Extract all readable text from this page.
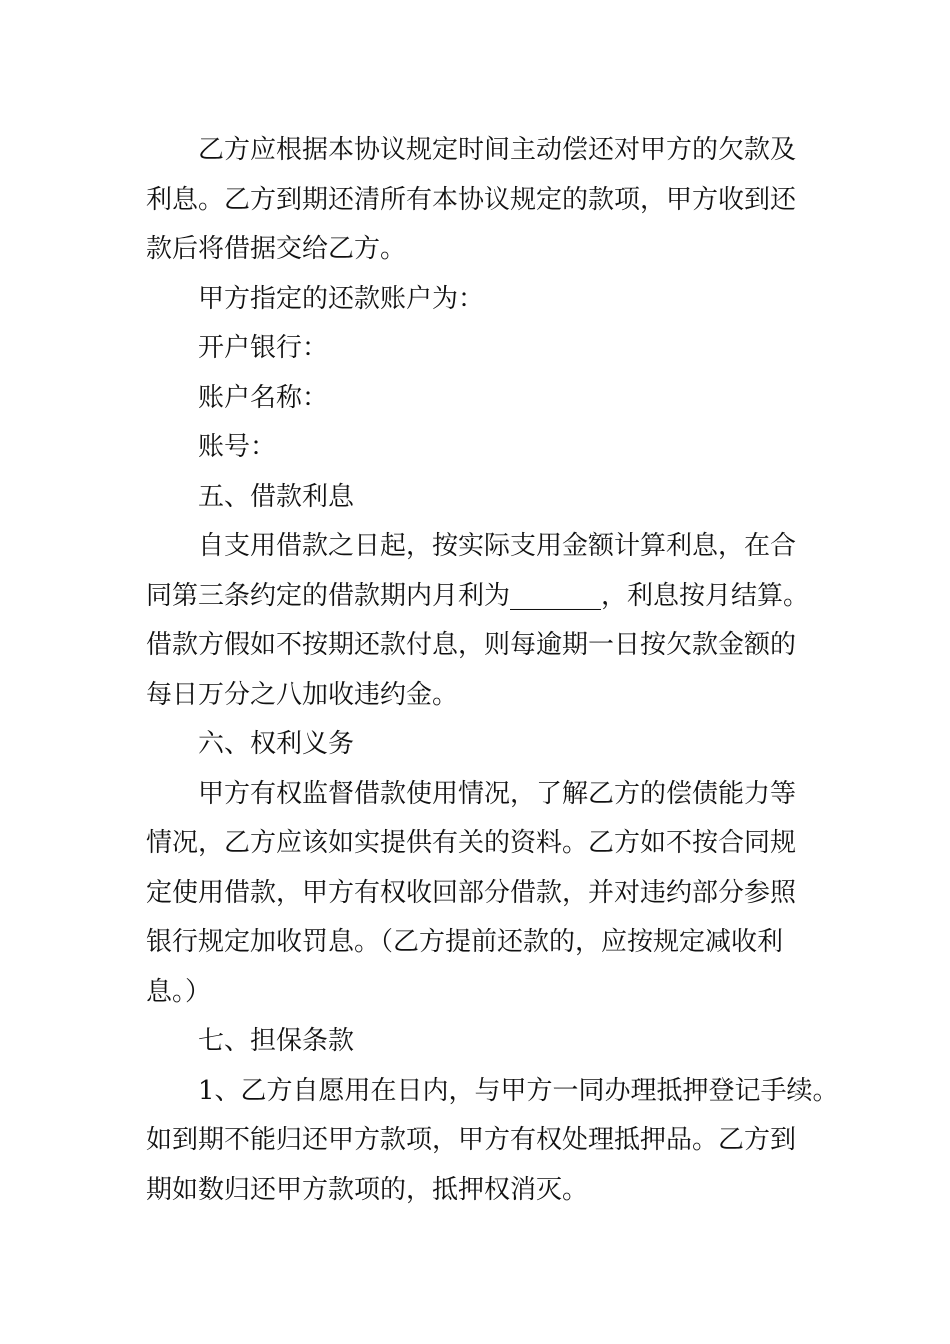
乙方应根据本协议规定时间主动偿还对甲方的欠款及
利息。乙方到期还清所有本协议规定的款项，甲方收到还
款后将借据交给乙方。

甲方指定的还款账户为：

开户银行：

账户名称：

账号：

五、借款利息

自支用借款之日起，按实际支用金额计算利息，在合
同第三条约定的借款期内月利为_______，利息按月结算。
借款方假如不按期还款付息，则每逾期一日按欠款金额的
每日万分之八加收违约金。

六、权利义务

甲方有权监督借款使用情况，了解乙方的偿债能力等
情况，乙方应该如实提供有关的资料。乙方如不按合同规
定使用借款，甲方有权收回部分借款，并对违约部分参照
银行规定加收罚息。（乙方提前还款的，应按规定减收利
息。）

七、担保条款

1、乙方自愿用在日内，与甲方一同办理抵押登记手续。
如到期不能归还甲方款项，甲方有权处理抵押品。乙方到
期如数归还甲方款项的，抵押权消灭。
